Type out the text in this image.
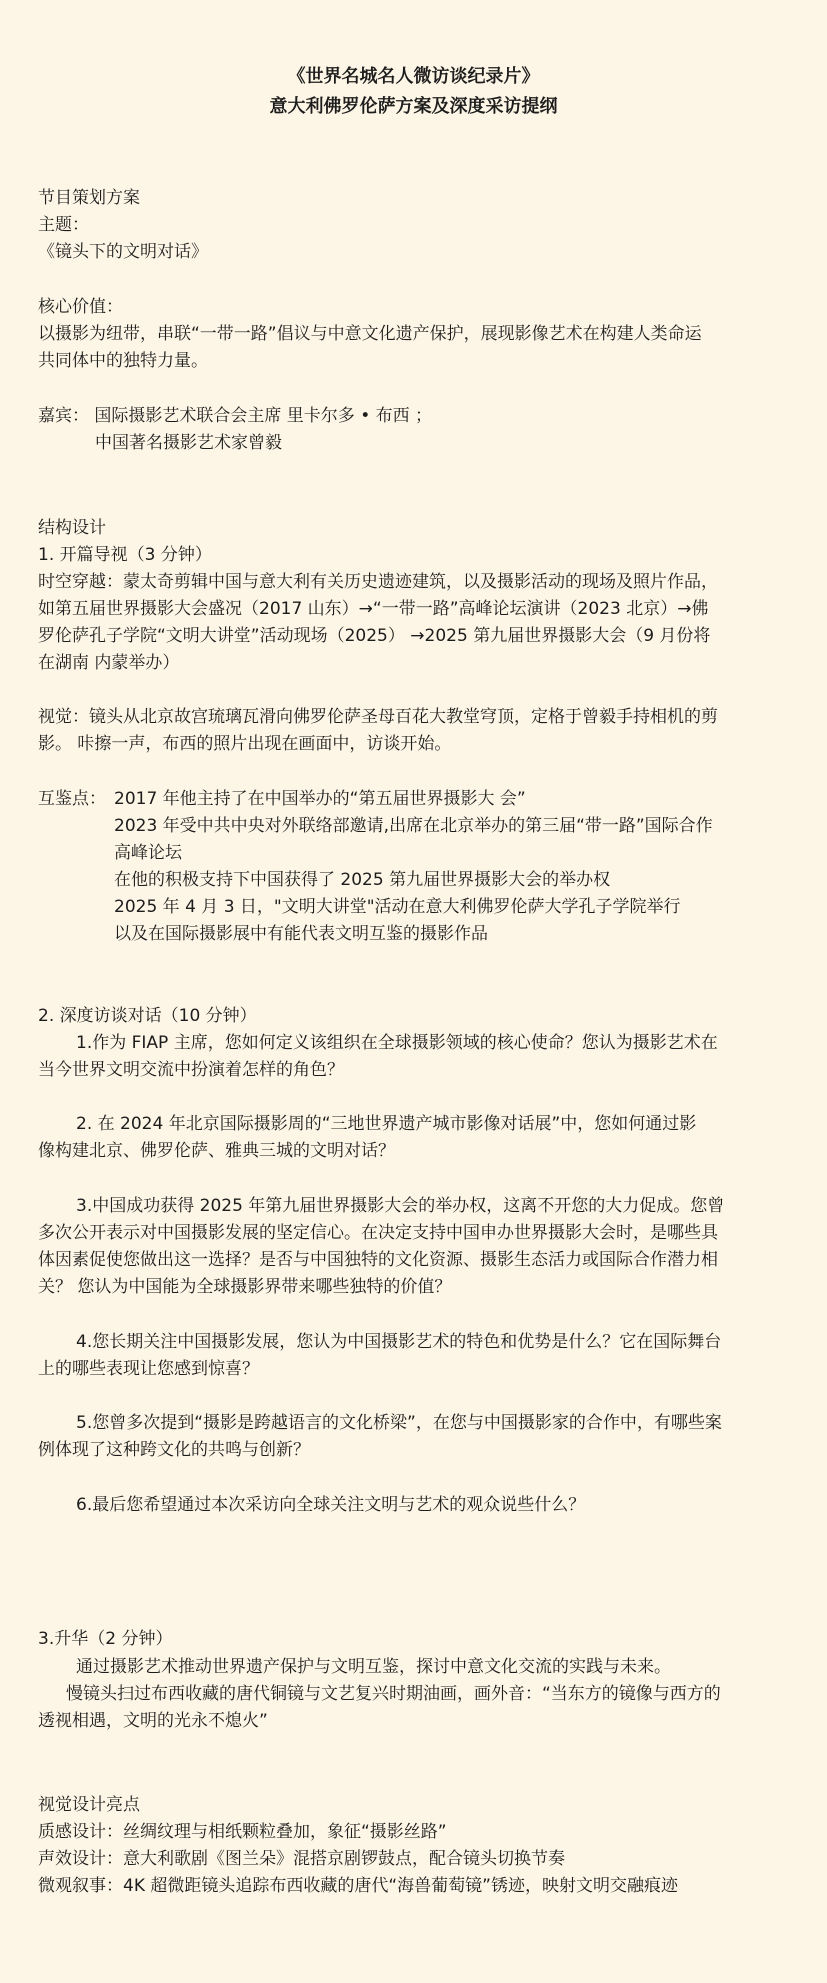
《世界名城名人微访谈纪录片》
意大利佛罗伦萨方案及深度采访提纲
节目策划方案
主题：
《镜头下的文明对话》
核心价值：
以摄影为纽带，串联“一带一路”倡议与中意文化遗产保护，展现影像艺术在构建人类命运
共同体中的独特力量。
嘉宾： 国际摄影艺术联合会主席 里卡尔多 • 布西 ；
中国著名摄影艺术家曾毅
结构设计
1. 开篇导视（3 分钟）
时空穿越：蒙太奇剪辑中国与意大利有关历史遗迹建筑，以及摄影活动的现场及照片作品，
如第五届世界摄影大会盛况（2017 山东）→“一带一路”高峰论坛演讲（2023 北京）→佛
罗伦萨孔子学院“文明大讲堂”活动现场（2025） →2025 第九届世界摄影大会（9 月份将
在湖南 内蒙举办）
视觉：镜头从北京故宫琉璃瓦滑向佛罗伦萨圣母百花大教堂穹顶，定格于曾毅手持相机的剪
影。 咔擦一声，布西的照片出现在画面中，访谈开始。
互鉴点： 2017 年他主持了在中国举办的“第五届世界摄影大 会”
2023 年受中共中央对外联络部邀请,出席在北京举办的第三届“带一路”国际合作
高峰论坛
在他的积极支持下中国获得了 2025 第九届世界摄影大会的举办权
2025 年 4 月 3 日，"文明大讲堂"活动在意大利佛罗伦萨大学孔子学院举行
以及在国际摄影展中有能代表文明互鉴的摄影作品
2. 深度访谈对话（10 分钟）
1.作为 FIAP 主席，您如何定义该组织在全球摄影领域的核心使命？您认为摄影艺术在
当今世界文明交流中扮演着怎样的角色？
2. 在 2024 年北京国际摄影周的“三地世界遗产城市影像对话展”中，您如何通过影
像构建北京、佛罗伦萨、雅典三城的文明对话？
3.中国成功获得 2025 年第九届世界摄影大会的举办权，这离不开您的大力促成。您曾
多次公开表示对中国摄影发展的坚定信心。在决定支持中国申办世界摄影大会时，是哪些具
体因素促使您做出这一选择？是否与中国独特的文化资源、摄影生态活力或国际合作潜力相
关？ 您认为中国能为全球摄影界带来哪些独特的价值？
4.您长期关注中国摄影发展，您认为中国摄影艺术的特色和优势是什么？它在国际舞台
上的哪些表现让您感到惊喜？
5.您曾多次提到“摄影是跨越语言的文化桥梁”，在您与中国摄影家的合作中，有哪些案
例体现了这种跨文化的共鸣与创新？
6.最后您希望通过本次采访向全球关注文明与艺术的观众说些什么？
3.升华（2 分钟）
通过摄影艺术推动世界遗产保护与文明互鉴，探讨中意文化交流的实践与未来。
慢镜头扫过布西收藏的唐代铜镜与文艺复兴时期油画，画外音：“当东方的镜像与西方的
透视相遇，文明的光永不熄火”
视觉设计亮点
质感设计：丝绸纹理与相纸颗粒叠加，象征“摄影丝路”
声效设计：意大利歌剧《图兰朵》混搭京剧锣鼓点，配合镜头切换节奏
微观叙事：4K 超微距镜头追踪布西收藏的唐代“海兽葡萄镜”锈迹，映射文明交融痕迹
